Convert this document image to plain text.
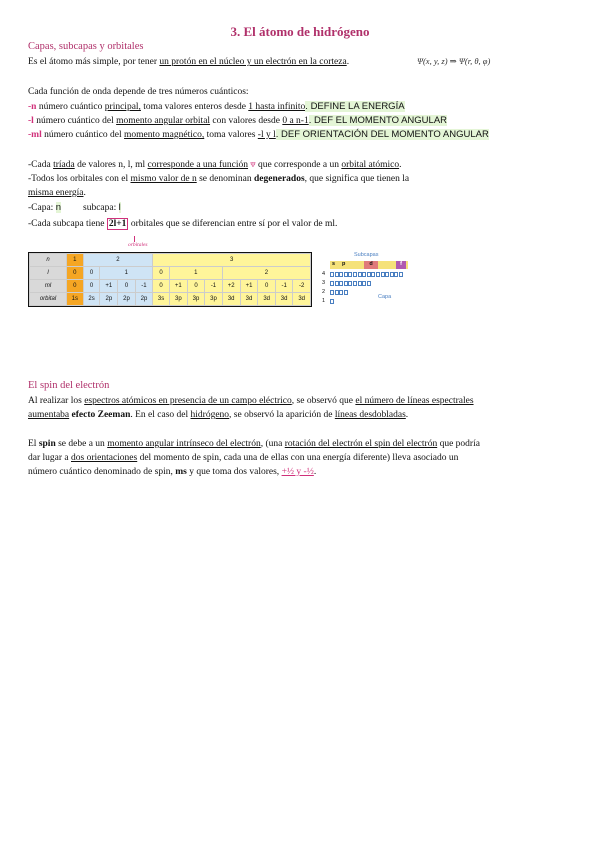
3. El átomo de hidrógeno
Capas, subcapas y orbitales
Es el átomo más simple, por tener un protón en el núcleo y un electrón en la corteza.	Ψ(x, y, z) ⇒ Ψ(r, θ, φ)
Cada función de onda depende de tres números cuánticos:
-n número cuántico principal, toma valores enteros desde 1 hasta infinito. DEFINE LA ENERGÍA
-l número cuántico del momento angular orbital con valores desde 0 a n-1. DEF EL MOMENTO ANGULAR
-ml número cuántico del momento magnético, toma valores -l y l. DEF ORIENTACIÓN DEL MOMENTO ANGULAR
-Cada tríada de valores n, l, ml corresponde a una función Ψ que corresponde a un orbital atómico.
-Todos los orbitales con el mismo valor de n se denominan degenerados, que significa que tienen la
misma energía.
-Capa: n subcapa: l
-Cada subcapa tiene 2l+1 orbitales que se diferencian entre sí por el valor de ml.
orbitales
n	1	2				3								
l	0	0	1			0	1			2				
ml	0	0	+1	0	-1	0	+1	0	-1	+2	+1	0	-1	-2
orbital	1s	2s	2p	2p	2p	3s	3p	3p	3p	3d	3d	3d	3d	3d
Subcapas
s	p	d	f
4
3
2
1
Capa
El spin del electrón
Al realizar los espectros atómicos en presencia de un campo eléctrico, se observó que el número de líneas espectrales
aumentaba efecto Zeeman. En el caso del hidrógeno, se observó la aparición de líneas desdobladas.
El spin se debe a un momento angular intrínseco del electrón, (una rotación del electrón el spin del electrón que podría
dar lugar a dos orientaciones del momento de spin, cada una de ellas con una energía diferente) lleva asociado un
número cuántico denominado de spin, ms y que toma dos valores, +½ y -½.
